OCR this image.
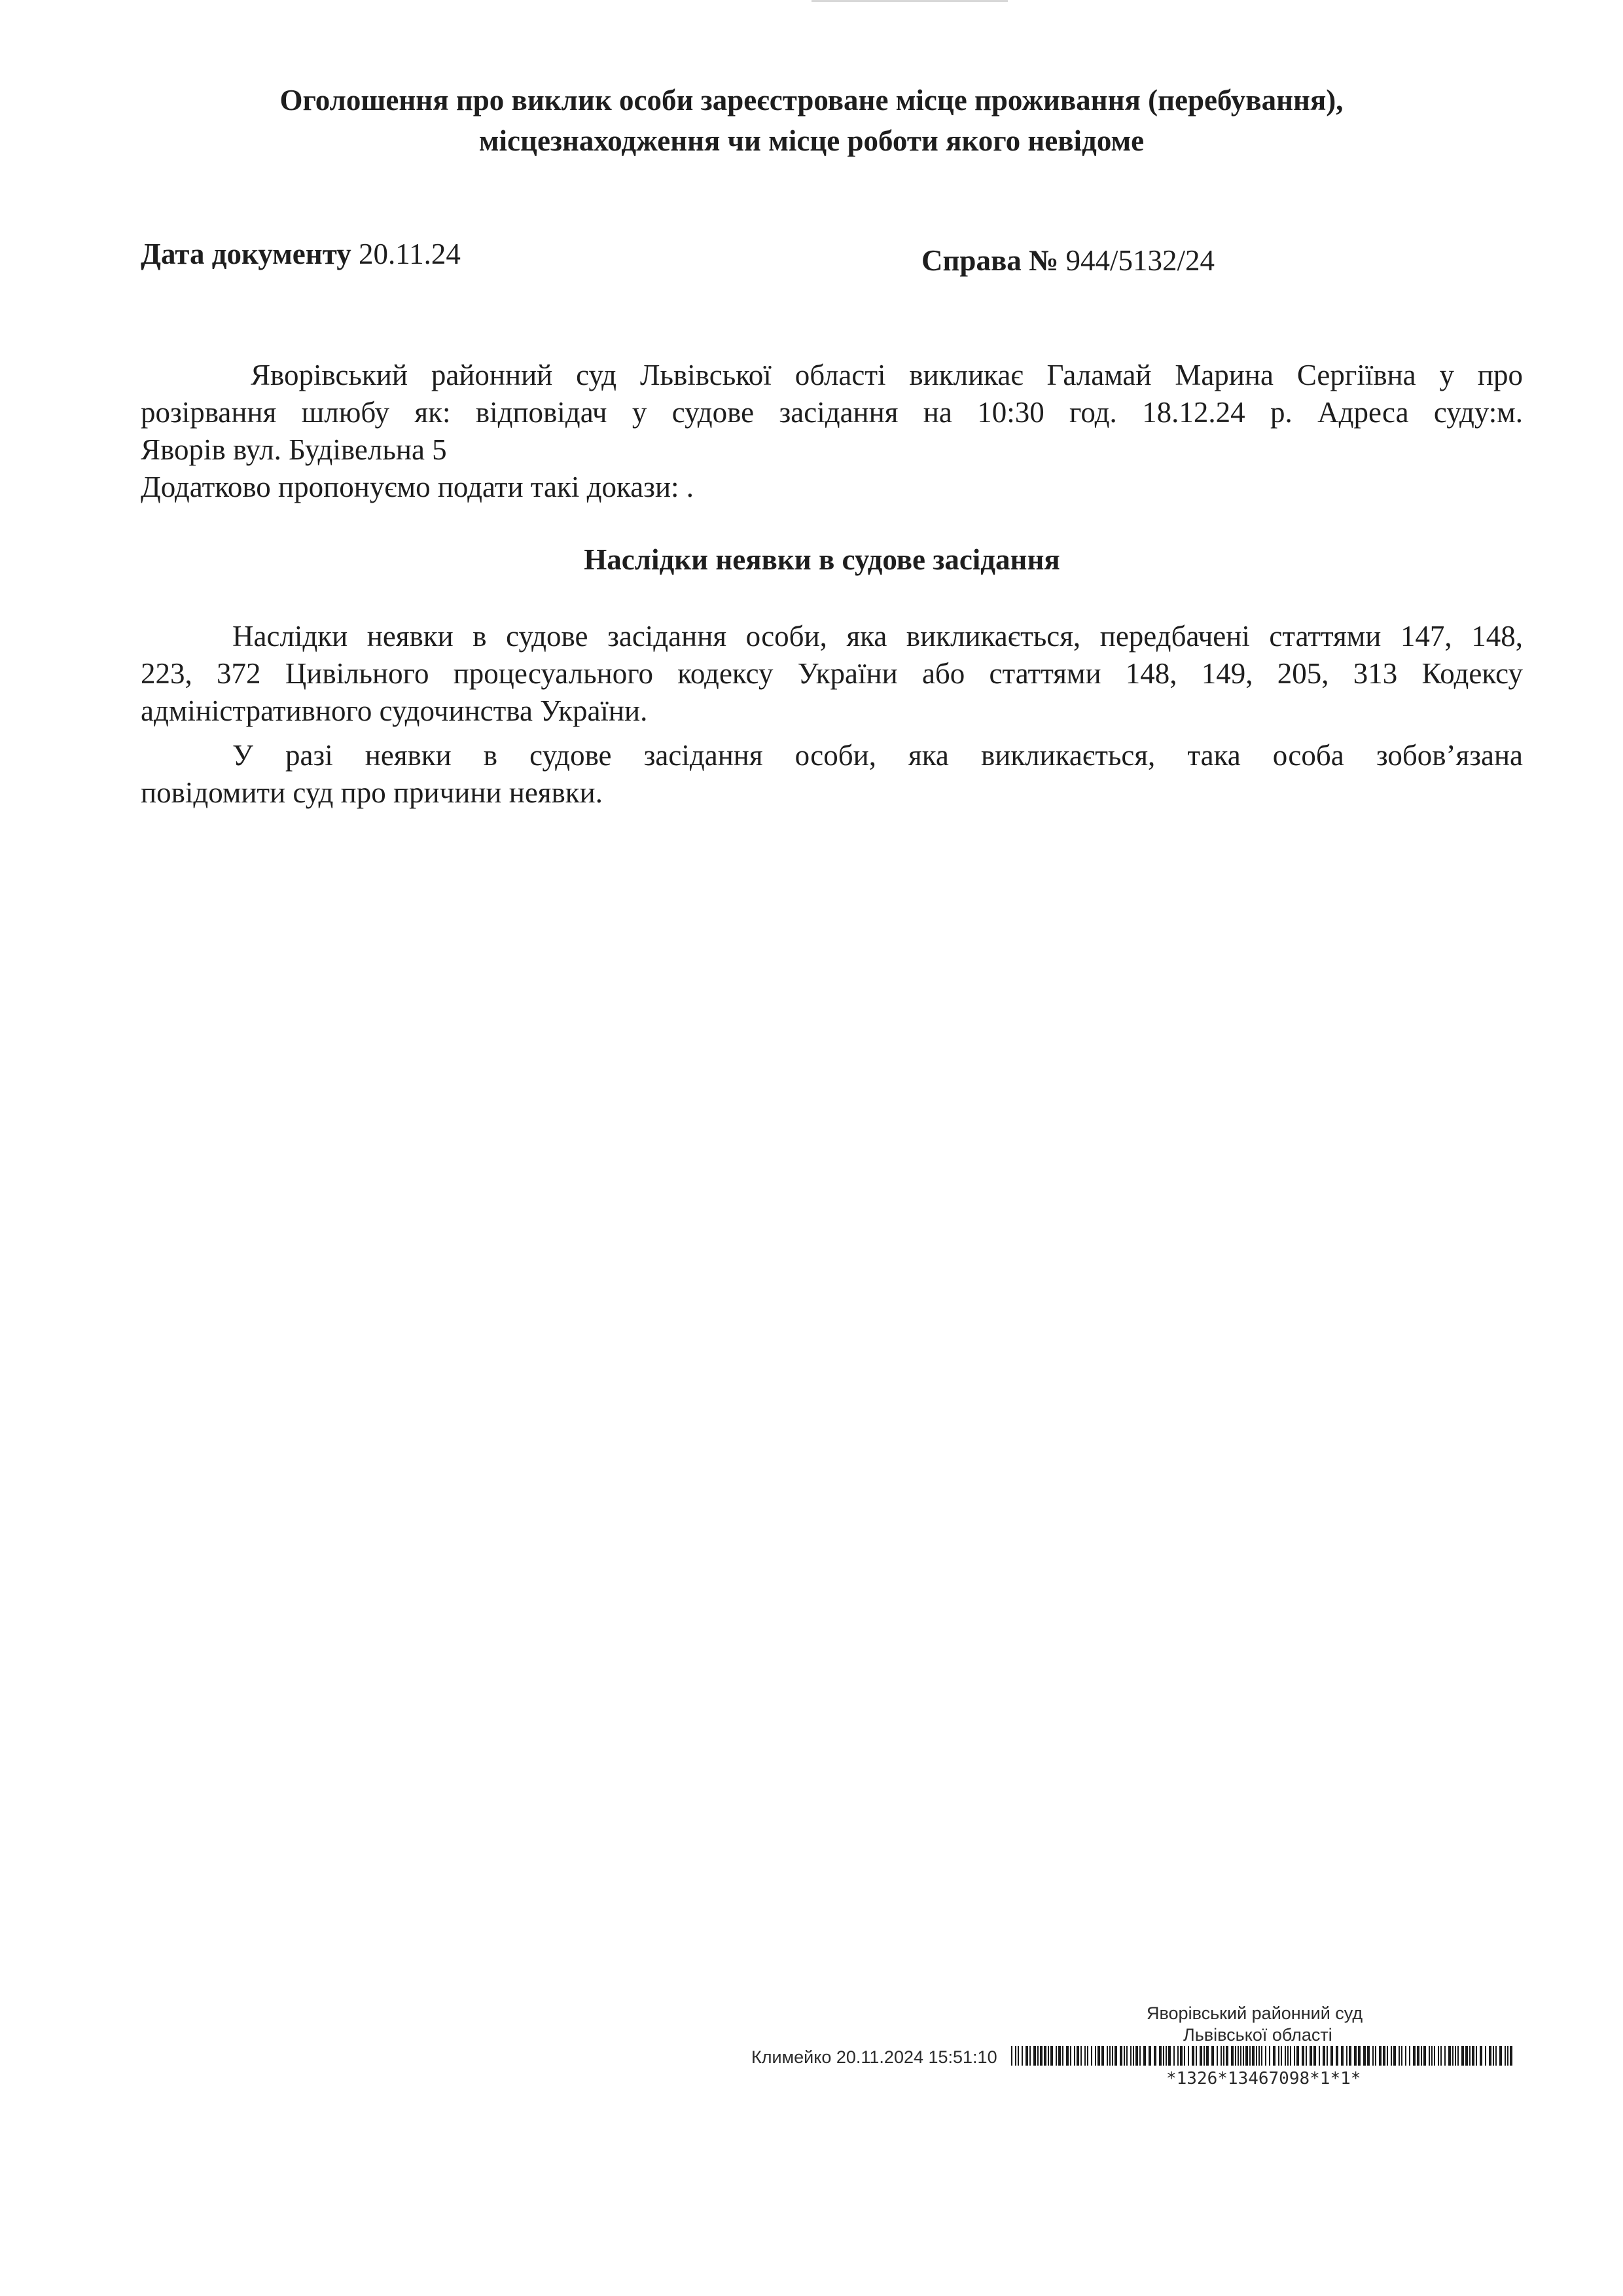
Оголошення про виклик особи зареєстроване місце проживання (перебування),
місцезнаходження чи місце роботи якого невідоме
Дата документу 20.11.24	Справа № 944/5132/24
Яворівський районний суд Львівської області викликає Галамай Марина Сергіївна у про
розірвання шлюбу як: відповідач у судове засідання на 10:30 год. 18.12.24 р. Адреса суду:м.
Яворів вул. Будівельна 5
Додатково пропонуємо подати такі докази: .
Наслідки неявки в судове засідання
Наслідки неявки в судове засідання особи, яка викликається, передбачені статтями 147, 148,
223, 372 Цивільного процесуального кодексу України або статтями 148, 149, 205, 313 Кодексу
адміністративного судочинства України.
У разі неявки в судове засідання особи, яка викликається, така особа зобов’язана
повідомити суд про причини неявки.
Яворівський районний суд
Львівської області
Климейко 20.11.2024 15:51:10
*1326*13467098*1*1*
